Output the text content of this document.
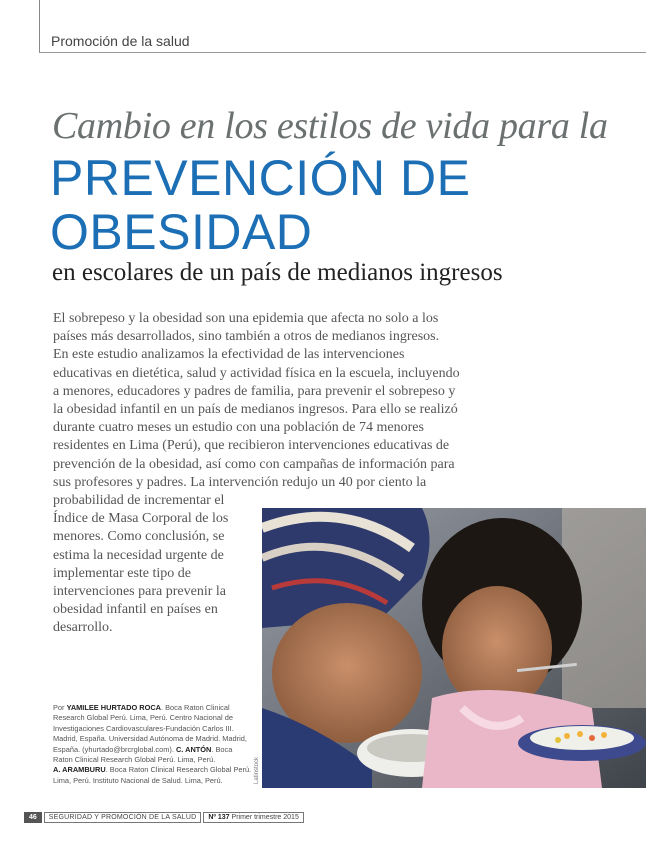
Promoción de la salud
Cambio en los estilos de vida para la
PREVENCIÓN DE
OBESIDAD
en escolares de un país de medianos ingresos
El sobrepeso y la obesidad son una epidemia que afecta no solo a los
países más desarrollados, sino también a otros de medianos ingresos.
En este estudio analizamos la efectividad de las intervenciones
educativas en dietética, salud y actividad física en la escuela, incluyendo
a menores, educadores y padres de familia, para prevenir el sobrepeso y
la obesidad infantil en un país de medianos ingresos. Para ello se realizó
durante cuatro meses un estudio con una población de 74 menores
residentes en Lima (Perú), que recibieron intervenciones educativas de
prevención de la obesidad, así como con campañas de información para
sus profesores y padres. La intervención redujo un 40 por ciento la
probabilidad de incrementar el
Índice de Masa Corporal de los
menores. Como conclusión, se
estima la necesidad urgente de
implementar este tipo de
intervenciones para prevenir la
obesidad infantil en países en
desarrollo.
Latinstock
Por YAMILEE HURTADO ROCA. Boca Raton Clinical
Research Global Perú. Lima, Perú. Centro Nacional de
Investigaciones Cardiovasculares-Fundación Carlos III.
Madrid, España. Universidad Autónoma de Madrid. Madrid,
España. (yhurtado@brcrglobal.com). C. ANTÓN. Boca
Raton Clinical Research Global Perú. Lima, Perú.
A. ARAMBURU. Boca Raton Clinical Research Global Perú.
Lima, Perú. Instituto Nacional de Salud. Lima, Perú.
46	SEGURIDAD Y PROMOCIÓN DE LA SALUD	Nº 137 Primer trimestre 2015
